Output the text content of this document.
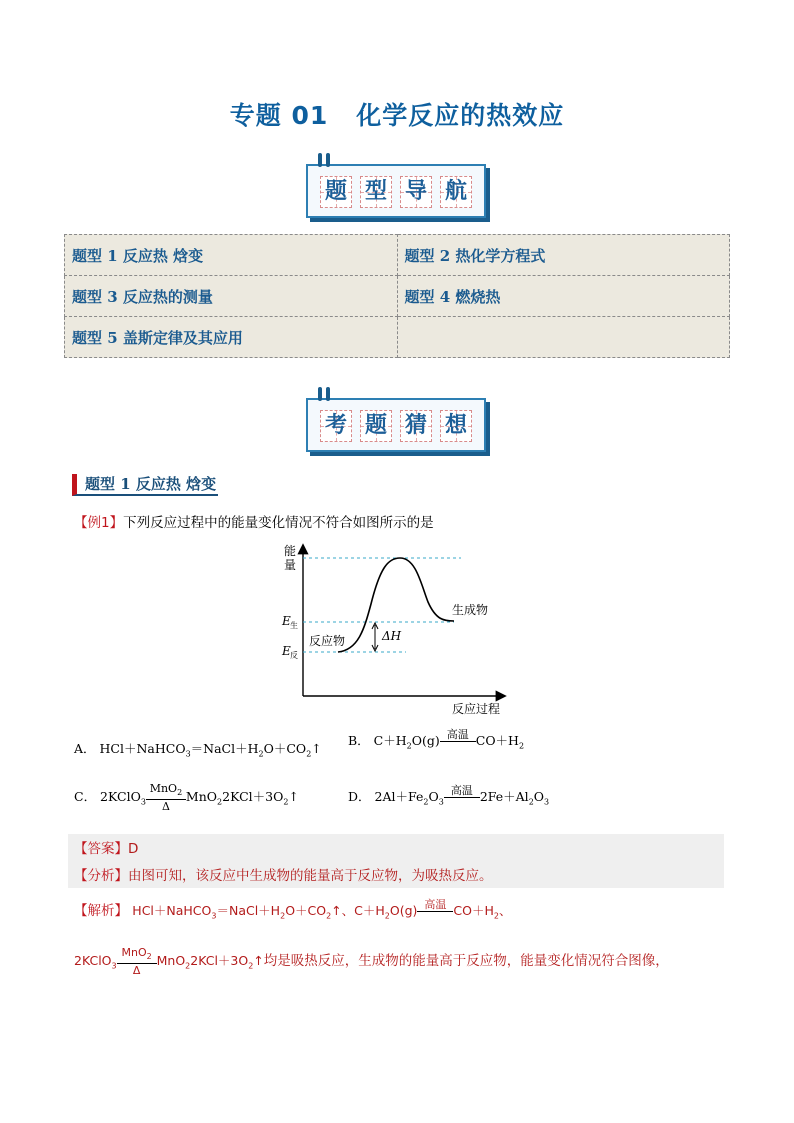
专题 01 化学反应的热效应
题 型 导 航
题型 1 反应热 焓变	题型 2 热化学方程式
题型 3 反应热的测量	题型 4 燃烧热
题型 5 盖斯定律及其应用	
考 题 猜 想
题型 1 反应热 焓变
【例1】下列反应过程中的能量变化情况不符合如图所示的是
能
量
E 生
E 反
反应物
生成物
ΔH
反应过程
A． $HCl+NaHCO_3=NaCl+H_2O+CO_2↑$
B． $C+H_2O(g)$ 高温
$CO+H_2$
C． 2KClO$_3$ $\frac{MnO_2}{\Delta}$ $MnO_22KCl+3O_2↑$	D． $2Al+Fe_2O_3$
高温
$2Fe+Al_2O_3$
【答案】D
【分析】由图可知，该反应中生成物的能量高于反应物，为吸热反应。
【解析】 $HCl+NaHCO_3=NaCl+H_2O+CO_2↑$、$C+H_2O(g)$ 高温
$CO+H_2$、
2KClO$_3$ $\frac{MnO_2}{\Delta}$ $MnO_22KCl+3O_2↑$均是吸热反应，生成物的能量高于反应物，能量变化情况符合图像，
